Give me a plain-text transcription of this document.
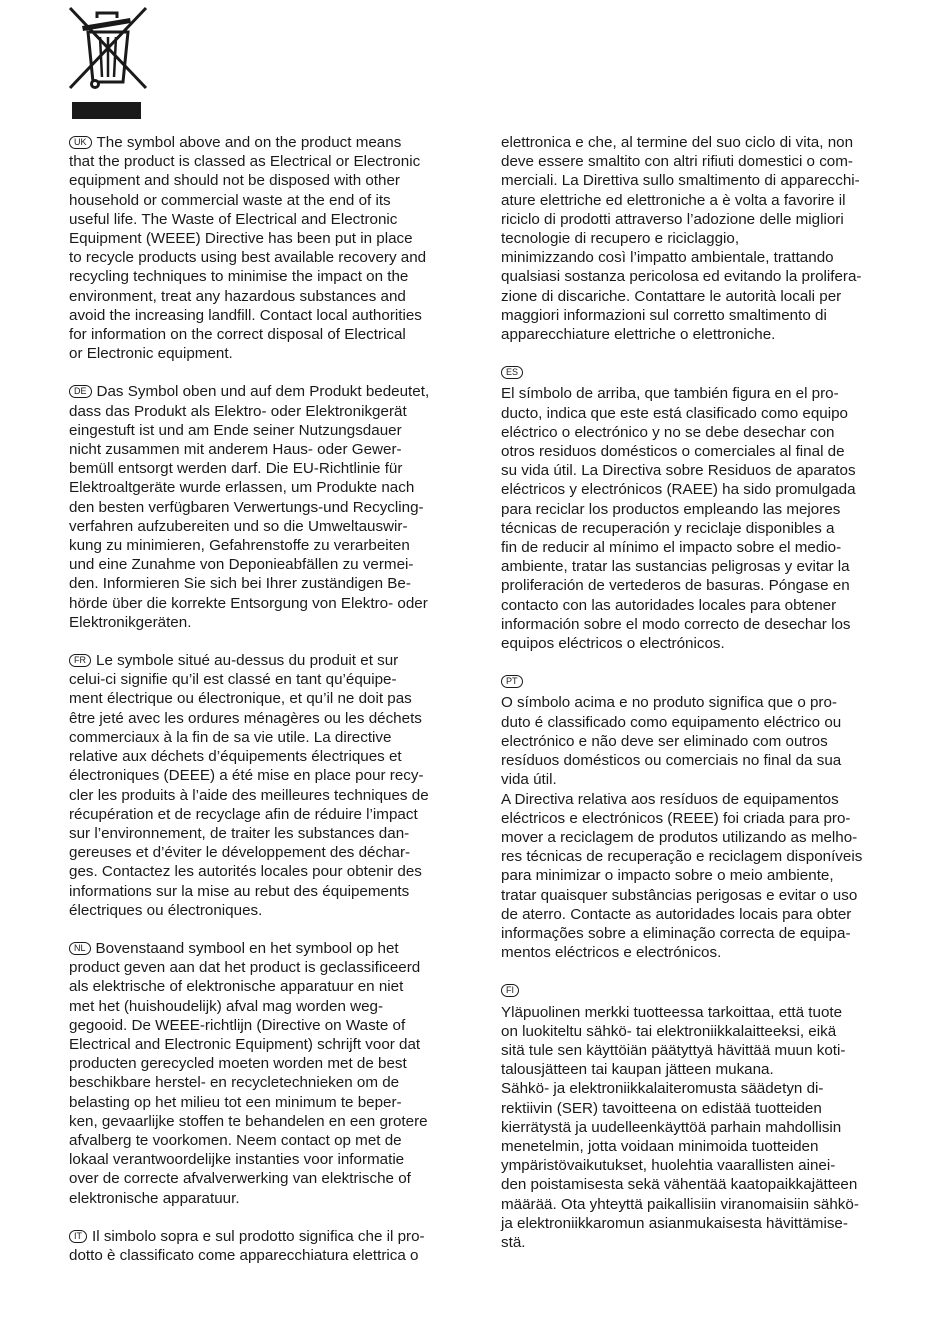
UK The symbol above and on the product means
that the product is classed as Electrical or Electronic
equipment and should not be disposed with other
household or commercial waste at the end of its
useful life. The Waste of Electrical and Electronic
Equipment (WEEE) Directive has been put in place
to recycle products using best available recovery and
recycling techniques to minimise the impact on the
environment, treat any hazardous substances and
avoid the increasing landfill. Contact local authorities
for information on the correct disposal of Electrical
or Electronic equipment.

DE Das Symbol oben und auf dem Produkt bedeutet,
dass das Produkt als Elektro- oder Elektronikgerät
eingestuft ist und am Ende seiner Nutzungsdauer
nicht zusammen mit anderem Haus- oder Gewer-
bemüll entsorgt werden darf. Die EU-Richtlinie für
Elektroaltgeräte wurde erlassen, um Produkte nach
den besten verfügbaren Verwertungs-und Recycling-
verfahren aufzubereiten und so die Umweltauswir-
kung zu minimieren, Gefahrenstoffe zu verarbeiten
und eine Zunahme von Deponieabfällen zu vermei-
den. Informieren Sie sich bei Ihrer zuständigen Be-
hörde über die korrekte Entsorgung von Elektro- oder
Elektronikgeräten.

FR Le symbole situé au-dessus du produit et sur
celui-ci signifie qu’il est classé en tant qu’équipe-
ment électrique ou électronique, et qu’il ne doit pas
être jeté avec les ordures ménagères ou les déchets
commerciaux à la fin de sa vie utile. La directive
relative aux déchets d’équipements électriques et
électroniques (DEEE) a été mise en place pour recy-
cler les produits à l’aide des meilleures techniques de
récupération et de recyclage afin de réduire l’impact
sur l’environnement, de traiter les substances dan-
gereuses et d’éviter le développement des déchar-
ges. Contactez les autorités locales pour obtenir des
informations sur la mise au rebut des équipements
électriques ou électroniques.

NL Bovenstaand symbool en het symbool op het
product geven aan dat het product is geclassificeerd
als elektrische of elektronische apparatuur en niet
met het (huishoudelijk) afval mag worden weg-
gegooid. De WEEE-richtlijn (Directive on Waste of
Electrical and Electronic Equipment) schrijft voor dat
producten gerecycled moeten worden met de best
beschikbare herstel- en recycletechnieken om de
belasting op het milieu tot een minimum te beper-
ken, gevaarlijke stoffen te behandelen en een grotere
afvalberg te voorkomen. Neem contact op met de
lokaal verantwoordelijke instanties voor informatie
over de correcte afvalverwerking van elektrische of
elektronische apparatuur.

IT Il simbolo sopra e sul prodotto significa che il pro-
dotto è classificato come apparecchiatura elettrica o

elettronica e che, al termine del suo ciclo di vita, non
deve essere smaltito con altri rifiuti domestici o com-
merciali. La Direttiva sullo smaltimento di apparecchi-
ature elettriche ed elettroniche a è volta a favorire il
riciclo di prodotti attraverso l’adozione delle migliori
tecnologie di recupero e riciclaggio,
minimizzando così l’impatto ambientale, trattando
qualsiasi sostanza pericolosa ed evitando la prolifera-
zione di discariche. Contattare le autorità locali per
maggiori informazioni sul corretto smaltimento di
apparecchiature elettriche o elettroniche.

ES

El símbolo de arriba, que también figura en el pro-
ducto, indica que este está clasificado como equipo
eléctrico o electrónico y no se debe desechar con
otros residuos domésticos o comerciales al final de
su vida útil. La Directiva sobre Residuos de aparatos
eléctricos y electrónicos (RAEE) ha sido promulgada
para reciclar los productos empleando las mejores
técnicas de recuperación y reciclaje disponibles a
fin de reducir al mínimo el impacto sobre el medio-
ambiente, tratar las sustancias peligrosas y evitar la
proliferación de vertederos de basuras. Póngase en
contacto con las autoridades locales para obtener
información sobre el modo correcto de desechar los
equipos eléctricos o electrónicos.

PT

O símbolo acima e no produto significa que o pro-
duto é classificado como equipamento eléctrico ou
electrónico e não deve ser eliminado com outros
resíduos domésticos ou comerciais no final da sua
vida útil.
A Directiva relativa aos resíduos de equipamentos
eléctricos e electrónicos (REEE) foi criada para pro-
mover a reciclagem de produtos utilizando as melho-
res técnicas de recuperação e reciclagem disponíveis
para minimizar o impacto sobre o meio ambiente,
tratar quaisquer substâncias perigosas e evitar o uso
de aterro. Contacte as autoridades locais para obter
informações sobre a eliminação correcta de equipa-
mentos eléctricos e electrónicos.

FI

Yläpuolinen merkki tuotteessa tarkoittaa, että tuote
on luokiteltu sähkö- tai elektroniikkalaitteeksi, eikä
sitä tule sen käyttöiän päätyttyä hävittää muun koti-
talousjätteen tai kaupan jätteen mukana.
Sähkö- ja elektroniikkalaiteromusta säädetyn di-
rektiivin (SER) tavoitteena on edistää tuotteiden
kierrätystä ja uudelleenkäyttöä parhain mahdollisin
menetelmin, jotta voidaan minimoida tuotteiden
ympäristövaikutukset, huolehtia vaarallisten ainei-
den poistamisesta sekä vähentää kaatopaikkajätteen
määrää. Ota yhteyttä paikallisiin viranomaisiin sähkö-
ja elektroniikkaromun asianmukaisesta hävittämise-
stä.
